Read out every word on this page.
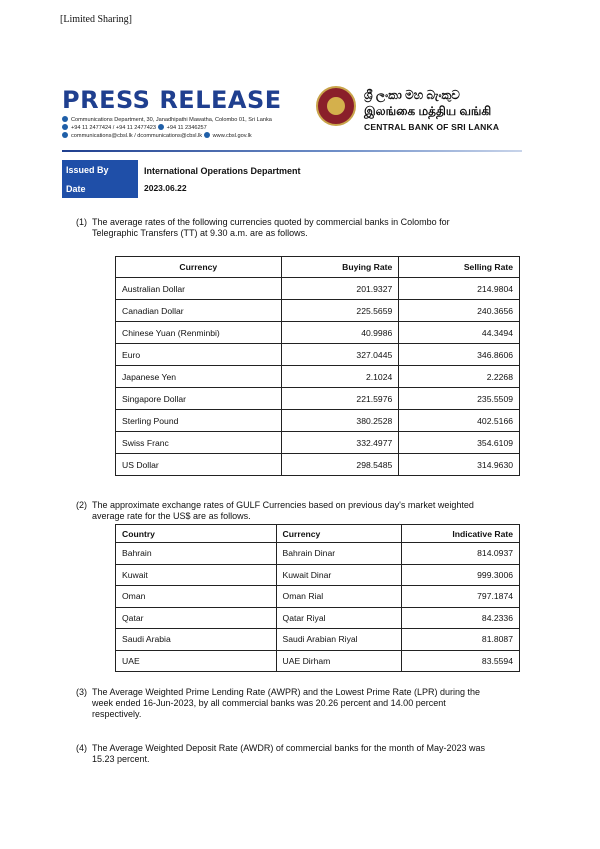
[Limited Sharing]
PRESS RELEASE
Communications Department, 30, Janadhipathi Mawatha, Colombo 01, Sri Lanka
+94 11 2477424 / +94 11 2477423 +94 11 2346257
communications@cbsl.lk / dcommunications@cbsl.lk www.cbsl.gov.lk
ශ්‍රී ලංකා මහ බැංකුව
இலங்கை மத்திய வங்கி
CENTRAL BANK OF SRI LANKA
Issued By
Date
International Operations Department
2023.06.22
(1) The average rates of the following currencies quoted by commercial banks in Colombo for
Telegraphic Transfers (TT) at 9.30 a.m. are as follows.
Currency	Buying Rate	Selling Rate
Australian Dollar	201.9327	214.9804
Canadian Dollar	225.5659	240.3656
Chinese Yuan (Renminbi)	40.9986	44.3494
Euro	327.0445	346.8606
Japanese Yen	2.1024	2.2268
Singapore Dollar	221.5976	235.5509
Sterling Pound	380.2528	402.5166
Swiss Franc	332.4977	354.6109
US Dollar	298.5485	314.9630
(2) The approximate exchange rates of GULF Currencies based on previous day's market weighted
average rate for the US$ are as follows.
Country	Currency	Indicative Rate
Bahrain	Bahrain Dinar	814.0937
Kuwait	Kuwait Dinar	999.3006
Oman	Oman Rial	797.1874
Qatar	Qatar Riyal	84.2336
Saudi Arabia	Saudi Arabian Riyal	81.8087
UAE	UAE Dirham	83.5594
(3) The Average Weighted Prime Lending Rate (AWPR) and the Lowest Prime Rate (LPR) during the
week ended 16-Jun-2023, by all commercial banks was 20.26 percent and 14.00 percent
respectively.
(4) The Average Weighted Deposit Rate (AWDR) of commercial banks for the month of May-2023 was
15.23 percent.
